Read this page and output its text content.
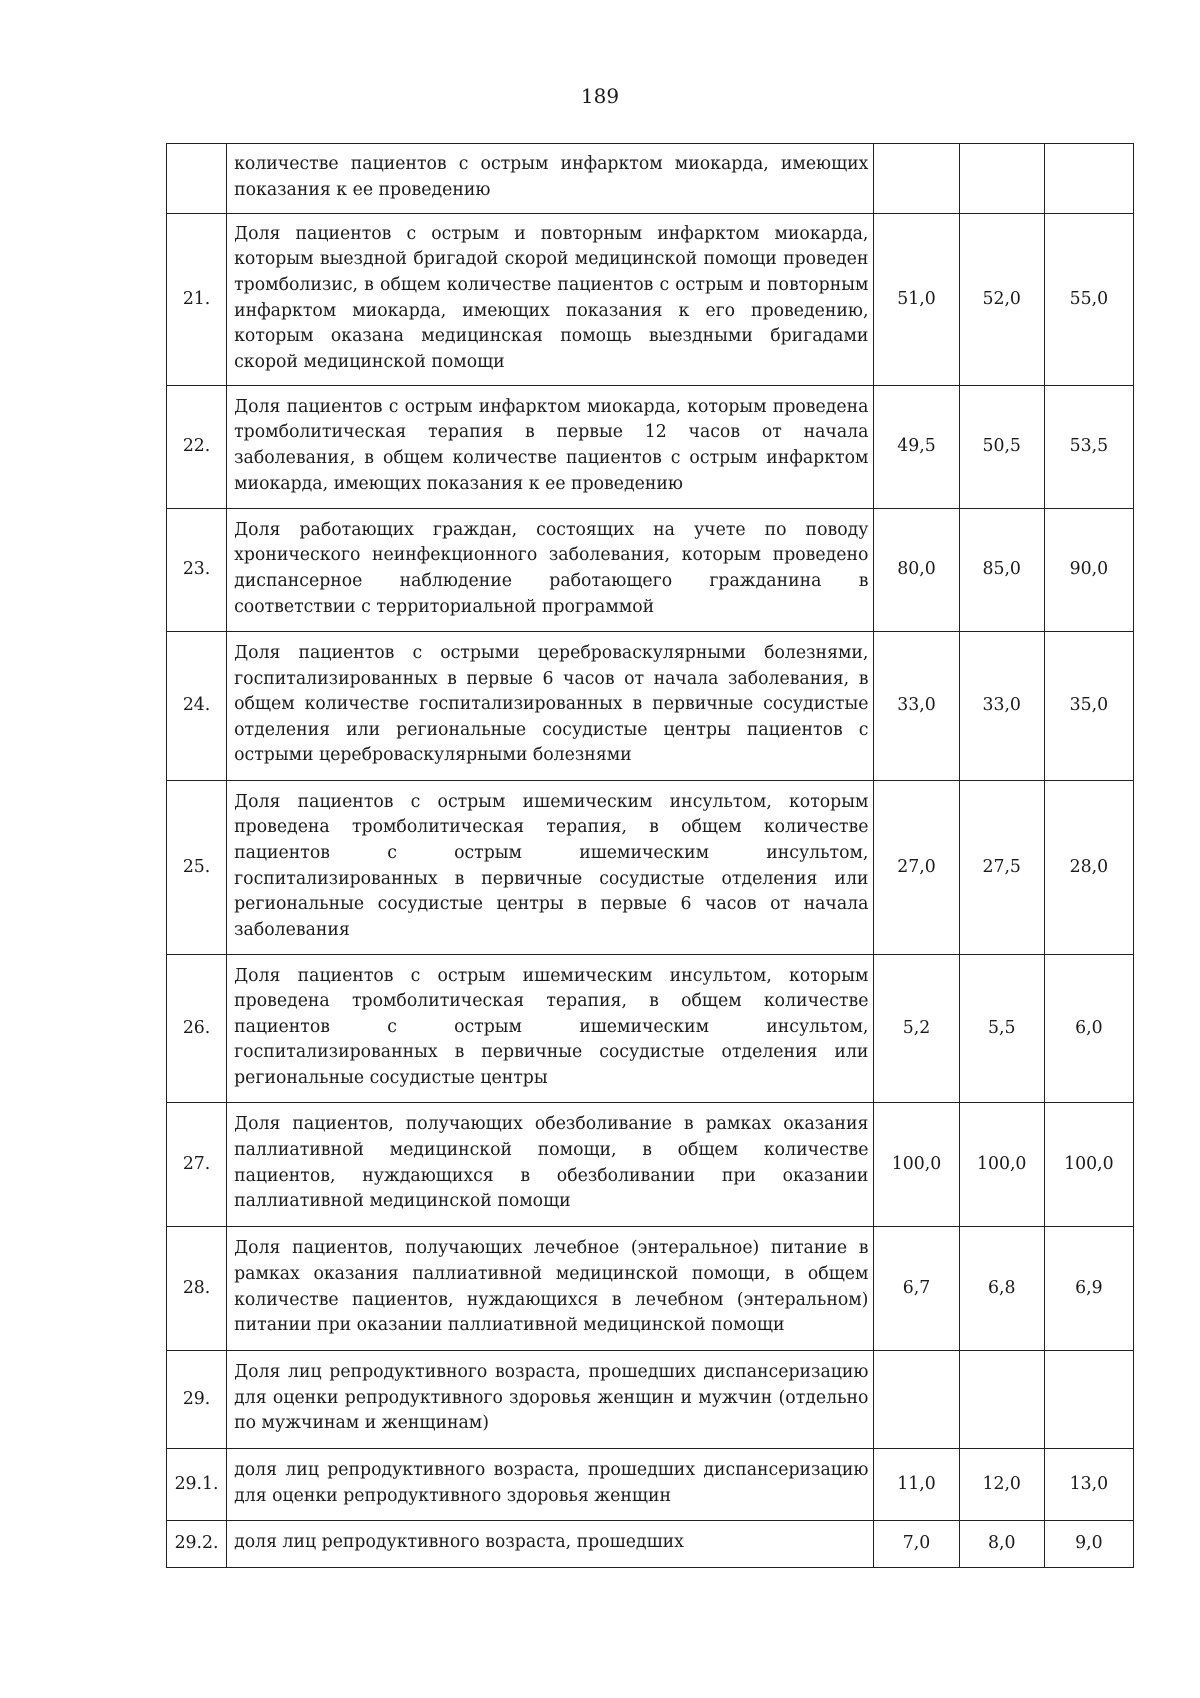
189
	количестве пациентов с острым инфарктом миокарда, имеющих показания к ее проведению			
21.	Доля пациентов с острым и повторным инфарктом миокарда, которым выездной бригадой скорой медицинской помощи проведен тромболизис, в общем количестве пациентов с острым и повторным инфарктом миокарда, имеющих показания к его проведению, которым оказана медицинская помощь выездными бригадами скорой медицинской помощи	51,0	52,0	55,0
22.	Доля пациентов с острым инфарктом миокарда, которым проведена тромболитическая терапия в первые 12 часов от начала заболевания, в общем количестве пациентов с острым инфарктом миокарда, имеющих показания к ее проведению	49,5	50,5	53,5
23.	Доля работающих граждан, состоящих на учете по поводу хронического неинфекционного заболевания, которым проведено диспансерное наблюдение работающего гражданина в соответствии с территориальной программой	80,0	85,0	90,0
24.	Доля пациентов с острыми цереброваскулярными болезнями, госпитализированных в первые 6 часов от начала заболевания, в общем количестве госпитализированных в первичные сосудистые отделения или региональные сосудистые центры пациентов с острыми цереброваскулярными болезнями	33,0	33,0	35,0
25.	Доля пациентов с острым ишемическим инсультом, которым проведена тромболитическая терапия, в общем количестве пациентов с острым ишемическим инсультом, госпитализированных в первичные сосудистые отделения или региональные сосудистые центры в первые 6 часов от начала заболевания	27,0	27,5	28,0
26.	Доля пациентов с острым ишемическим инсультом, которым проведена тромболитическая терапия, в общем количестве пациентов с острым ишемическим инсультом, госпитализированных в первичные сосудистые отделения или региональные сосудистые центры	5,2	5,5	6,0
27.	Доля пациентов, получающих обезболивание в рамках оказания паллиативной медицинской помощи, в общем количестве пациентов, нуждающихся в обезболивании при оказании паллиативной медицинской помощи	100,0	100,0	100,0
28.	Доля пациентов, получающих лечебное (энтеральное) питание в рамках оказания паллиативной медицинской помощи, в общем количестве пациентов, нуждающихся в лечебном (энтеральном) питании при оказании паллиативной медицинской помощи	6,7	6,8	6,9
29.	Доля лиц репродуктивного возраста, прошедших диспансеризацию для оценки репродуктивного здоровья женщин и мужчин (отдельно по мужчинам и женщинам)			
29.1.	доля лиц репродуктивного возраста, прошедших диспансеризацию для оценки репродуктивного здоровья женщин	11,0	12,0	13,0
29.2.	доля лиц репродуктивного возраста, прошедших	7,0	8,0	9,0
